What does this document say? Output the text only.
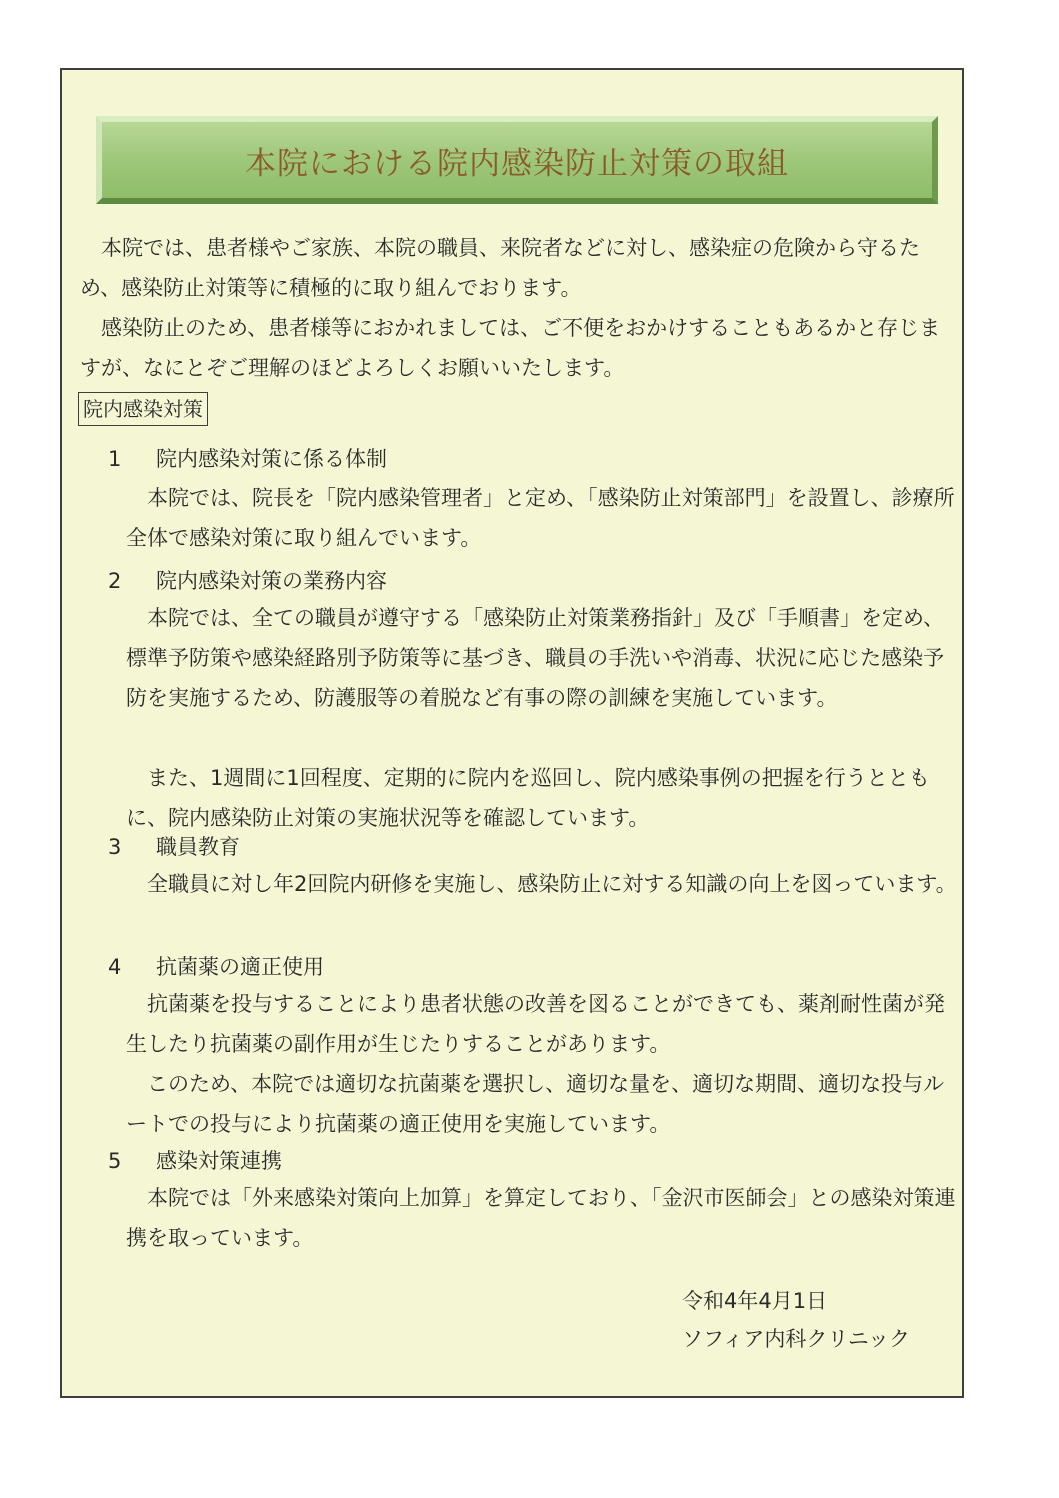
本院における院内感染防止対策の取組

本院では、患者様やご家族、本院の職員、来院者などに対し、感染症の危険から守るため、感染防止対策等に積極的に取り組んでおります。

感染防止のため、患者様等におかれましては、ご不便をおかけすることもあるかと存じますが、なにとぞご理解のほどよろしくお願いいたします。

院内感染対策
1	院内感染対策に係る体制

本院では、院長を「院内感染管理者」と定め、「感染防止対策部門」を設置し、診療所全体で感染対策に取り組んでいます。

2	院内感染対策の業務内容

本院では、全ての職員が遵守する「感染防止対策業務指針」及び「手順書」を定め、標準予防策や感染経路別予防策等に基づき、職員の手洗いや消毒、状況に応じた感染予防を実施するため、防護服等の着脱など有事の際の訓練を実施しています。

また、1週間に1回程度、定期的に院内を巡回し、院内感染事例の把握を行うとともに、院内感染防止対策の実施状況等を確認しています。

3	職員教育

全職員に対し年2回院内研修を実施し、感染防止に対する知識の向上を図っています。

4	抗菌薬の適正使用

抗菌薬を投与することにより患者状態の改善を図ることができても、薬剤耐性菌が発生したり抗菌薬の副作用が生じたりすることがあります。

このため、本院では適切な抗菌薬を選択し、適切な量を、適切な期間、適切な投与ルートでの投与により抗菌薬の適正使用を実施しています。

5	感染対策連携

本院では「外来感染対策向上加算」を算定しており、「金沢市医師会」との感染対策連携を取っています。

令和4年4月1日
ソフィア内科クリニック
